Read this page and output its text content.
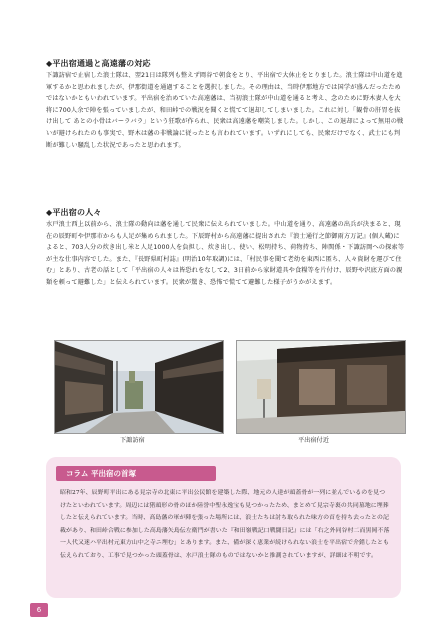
◆平出宿通過と高遠藩の対応

下諏訪宿で止宿した浪士隊は、翌21日は隊列も整えず岡谷で朝食をとり、平出宿で大休止をとりました。浪士隊は中山道を進軍するかと思われましたが、伊那街道を通過することを選択しました。その理由は、当時伊那地方では国学が盛んだったためではないかともいわれています。平出宿を治めていた高遠藩は、当初浪士隊が中山道を通ると考え、念のために野木妻人を大将に700人余で陣を張っていましたが、和田峠での戦況を聞くと慌てて退却してしまいました。これに対し「観骨の肝胃を抜け出して あとの小骨はバーラバラ」という狂歌が作られ、民衆は高遠藩を嘲笑しました。しかし、この退却によって無用の戦いが避けられたのも事実で、野木は藩の非戦論に従ったとも言われています。いずれにしても、民衆だけでなく、武士にも判断が難しい騒乱した状況であったと思われます。

◆平出宿の人々

水戸浪士西上以前から、浪士隊の動向は藩を通して民衆に伝えられていました。中山道を通り、高遠藩の出兵が決まると、現在の辰野町や伊那市からも人足が集められました。下辰野村から高遠藩に提出された『浪士通行之節御雨方万記』(個人蔵)によると、703人分の炊き出し米と人足1000人を負担し、炊き出し、使い、松明持ち、荷物持ち、陣関係・下諏訪岡への探索等が主な仕事内容でした。また、『長野県町村誌』(明治10年取調)には、「村民事を聞て老幼を東西に匿ち、人々資財を運びて住む」とあり、古老の話として「平出宿の人々は皆恐れをなして2、3日前から家財道具や食糧等を片付け、辰野や沢底方面の親類を頼って避難した」と伝えられています。民衆が驚き、恐怖で慌てて避難した様子がうかがえます。

下諏訪宿	平出宿付近
コラム 平出宿の首塚
昭和27年、辰野町平出にある見宗寺の北東に平出公民館を建築した際、地元の人達が頭蓋骨が一列に並んでいるのを見つけたといわれています。周辺には猪頭形の骨のほか陸誉中聖永逸宝も見つかったため、まとめて見宗寺裏の共同墓地に埋葬したと伝えられています。当時、高島藩の軍が陣を張った場所には、浪士たちは討ち取られた味方の首を持ち去ったとの記載があり、和田峠合戦に参加した高島藩矢島伝左衛門が書いた『和田嶺戦記口戦闘日記』には「右之外同谷村二而黒岡不落一人代又迷ハ平出村元東方山中之寺ニ埋む」とあります。また、備が深く恵業が続けられない浪士を平出宿で介錯したとも伝えられており、工事で見つかった頭蓋骨は、水戸浪士隊のものではないかと推測されていますが、詳細は不明です。
6
